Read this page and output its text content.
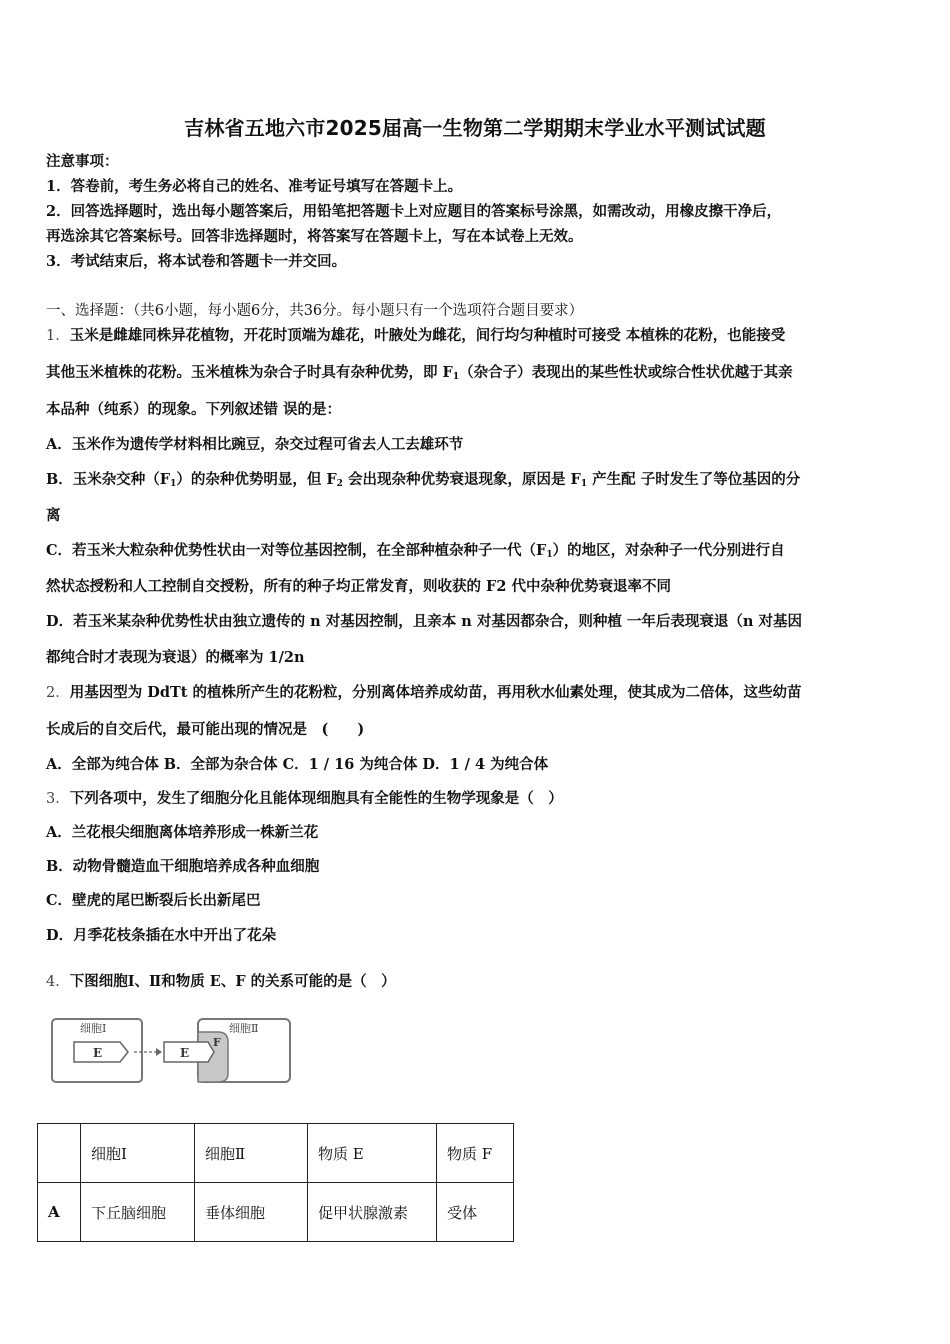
吉林省五地六市2025届高一生物第二学期期末学业水平测试试题
注意事项：
1．答卷前，考生务必将自己的姓名、准考证号填写在答题卡上。
2．回答选择题时，选出每小题答案后，用铅笔把答题卡上对应题目的答案标号涂黑，如需改动，用橡皮擦干净后，
再选涂其它答案标号。回答非选择题时，将答案写在答题卡上，写在本试卷上无效。
3．考试结束后，将本试卷和答题卡一并交回。
一、选择题：（共6小题，每小题6分，共36分。每小题只有一个选项符合题目要求）
1．玉米是雌雄同株异花植物，开花时顶端为雄花，叶腋处为雌花，间行均匀种植时可接受 本植株的花粉，也能接受
其他玉米植株的花粉。玉米植株为杂合子时具有杂种优势，即 $F_1$（杂合子）表现出的某些性状或综合性状优越于其亲
本品种（纯系）的现象。下列叙述错 误的是：
A．玉米作为遗传学材料相比豌豆，杂交过程可省去人工去雄环节
B．玉米杂交种$(F_1)$的杂种优势明显，但 $F_2$ 会出现杂种优势衰退现象，原因是 $F_1$ 产生配 子时发生了等位基因的分
离
C．若玉米大粒杂种优势性状由一对等位基因控制，在全部种植杂种子一代$(F_1)$的地区，对杂种子一代分别进行自
然状态授粉和人工控制自交授粉，所有的种子均正常发育，则收获的 F2 代中杂种优势衰退率不同
D．若玉米某杂种优势性状由独立遗传的 n 对基因控制，且亲本 n 对基因都杂合，则种植 一年后表现衰退（n 对基因
都纯合时才表现为衰退）的概率为 1/2n
2．用基因型为 DdTt 的植株所产生的花粉粒，分别离体培养成幼苗，再用秋水仙素处理，使其成为二倍体，这些幼苗
长成后的自交后代，最可能出现的情况是　(　　)
A．全部为纯合体 B．全部为杂合体 C．1 / 16 为纯合体 D．1 / 4 为纯合体
3．下列各项中，发生了细胞分化且能体现细胞具有全能性的生物学现象是（　）
A．兰花根尖细胞离体培养形成一株新兰花
B．动物骨髓造血干细胞培养成各种血细胞
C．壁虎的尾巴断裂后长出新尾巴
D．月季花枝条插在水中开出了花朵
4．下图细胞Ⅰ、Ⅱ和物质 E、F 的关系可能的是（　）
细胞Ⅰ	细胞Ⅱ
E	E
F
	细胞Ⅰ	细胞Ⅱ	物质 E	物质 F
A	下丘脑细胞	垂体细胞	促甲状腺激素	受体
